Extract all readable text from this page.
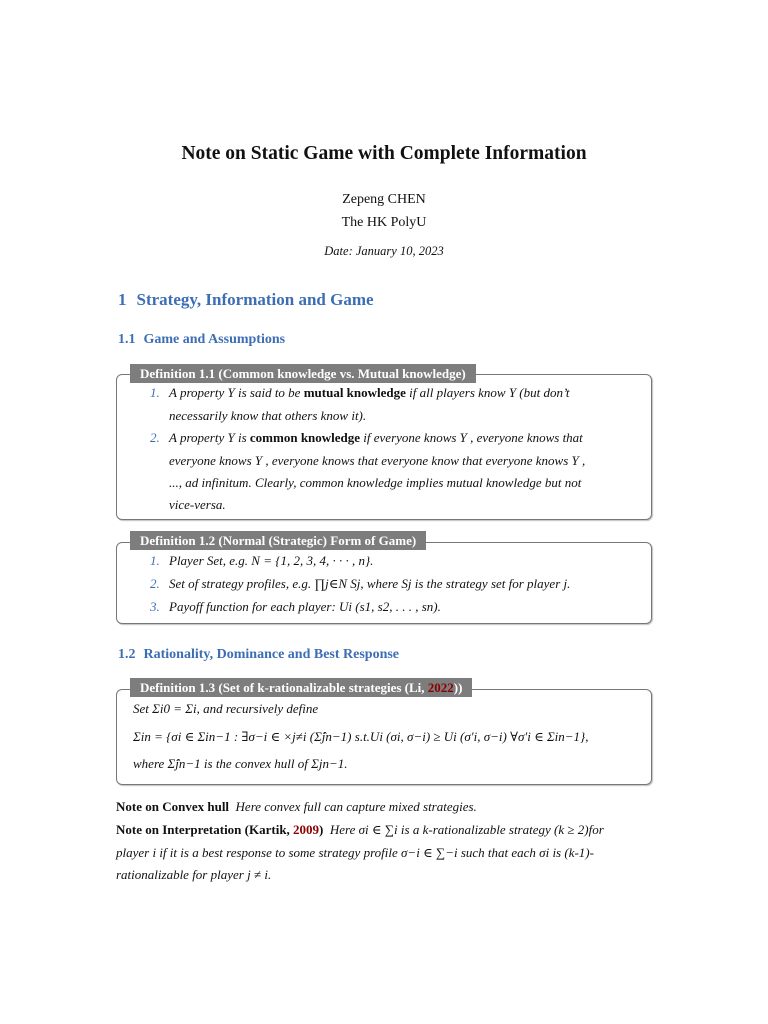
Note on Static Game with Complete Information
Zepeng CHEN
The HK PolyU
Date: January 10, 2023
1 Strategy, Information and Game
1.1 Game and Assumptions
Definition 1.1 (Common knowledge vs. Mutual knowledge)
1. A property Y is said to be mutual knowledge if all players know Y (but don’t
necessarily know that others know it).
2. A property Y is common knowledge if everyone knows Y , everyone knows that
everyone knows Y , everyone knows that everyone know that everyone knows Y ,
..., ad infinitum. Clearly, common knowledge implies mutual knowledge but not
vice-versa.
Definition 1.2 (Normal (Strategic) Form of Game)
1. Player Set, e.g. N = {1, 2, 3, 4, · · · , n}.
2. Set of strategy profiles, e.g. ∏j∈N Sj, where Sj is the strategy set for player j.
3. Payoff function for each player: Ui (s1, s2, . . . , sn).
1.2 Rationality, Dominance and Best Response
Definition 1.3 (Set of k-rationalizable strategies (Li, 2022))
Set Σi0 = Σi, and recursively define
Σin = {σi ∈ Σin−1 : ∃σ−i ∈ ×j≠i (Σ̂jn−1) s.t.Ui (σi, σ−i) ≥ Ui (σ′i, σ−i) ∀σ′i ∈ Σin−1},
where Σ̂jn−1 is the convex hull of Σjn−1.
Note on Convex hull Here convex full can capture mixed strategies.
Note on Interpretation (Kartik, 2009) Here σi ∈ ∑i is a k-rationalizable strategy (k ≥ 2)for
player i if it is a best response to some strategy profile σ−i ∈ ∑−i such that each σi is (k-1)-
rationalizable for player j ≠ i.
